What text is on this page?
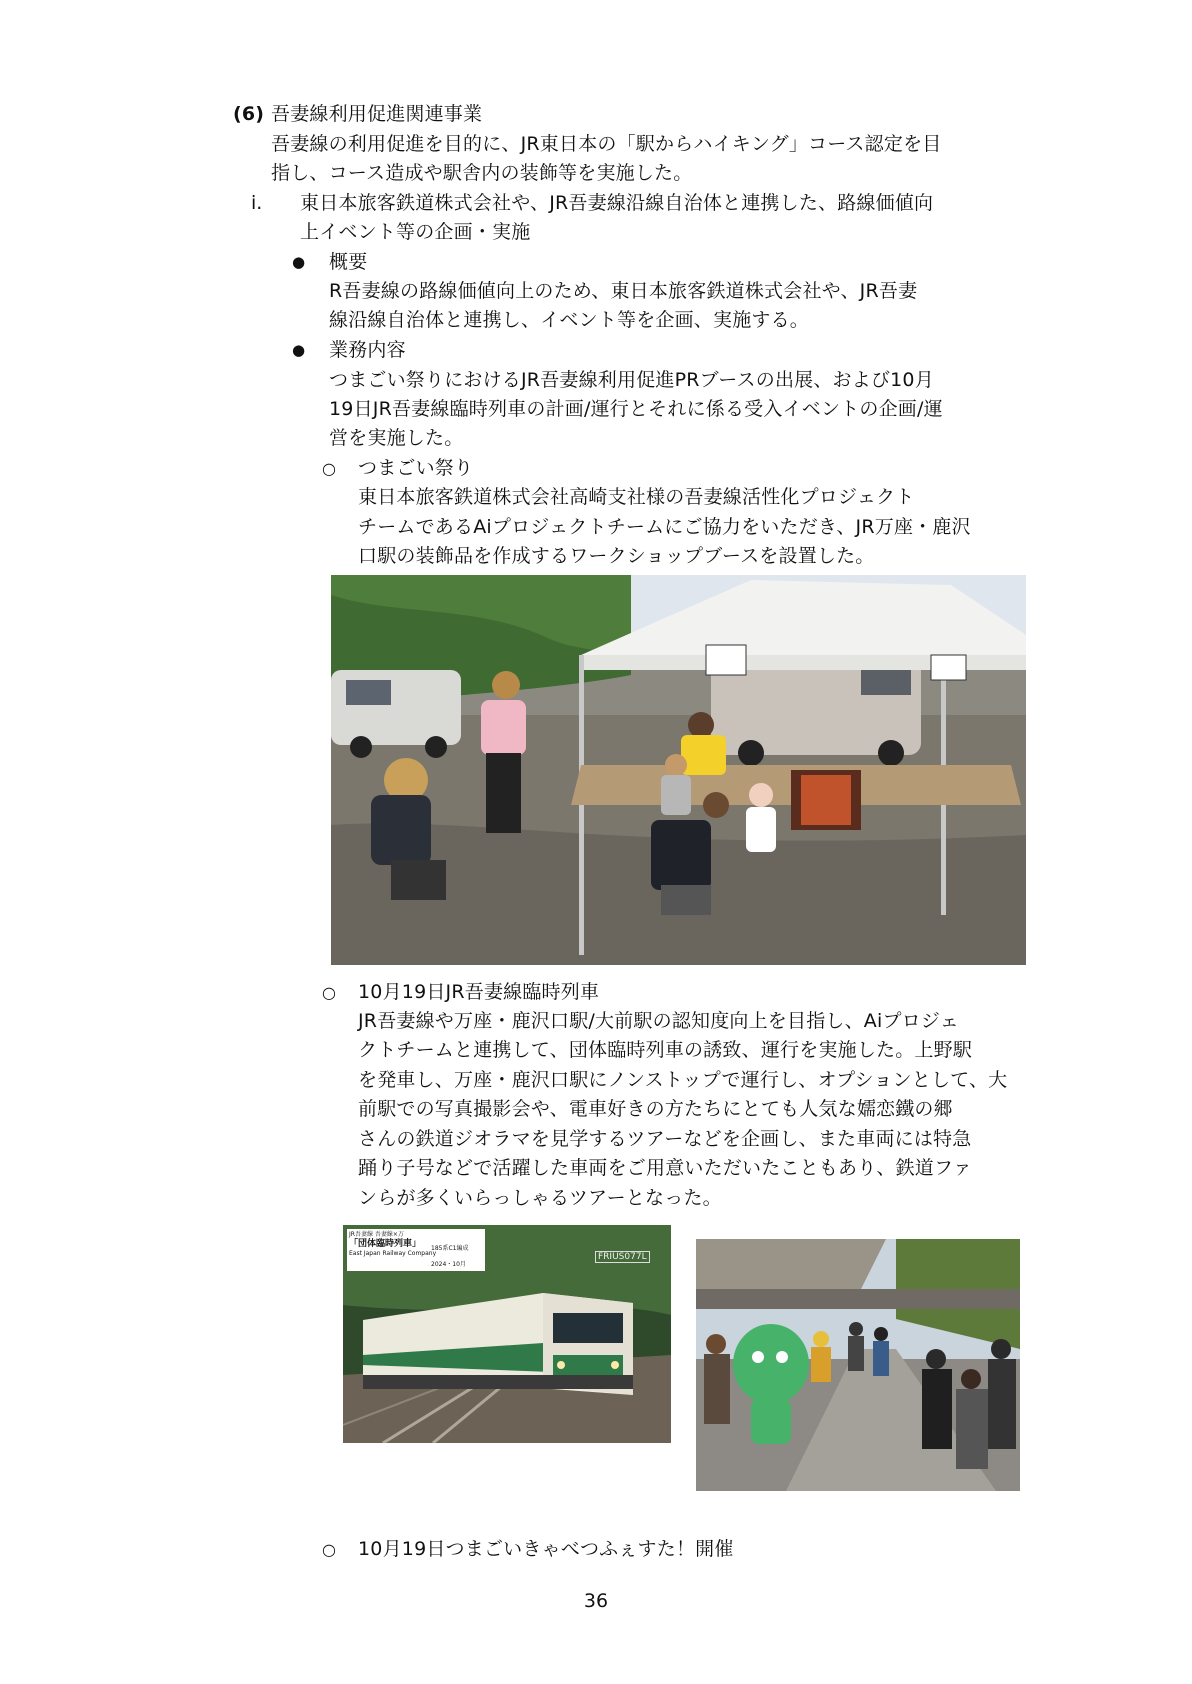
(6) 吾妻線利用促進関連事業
吾妻線の利用促進を目的に、JR東日本の「駅からハイキング」コース認定を目
指し、コース造成や駅舎内の装飾等を実施した。
i. 東日本旅客鉄道株式会社や、JR吾妻線沿線自治体と連携した、路線価値向
上イベント等の企画・実施
● 概要
R吾妻線の路線価値向上のため、東日本旅客鉄道株式会社や、JR吾妻
線沿線自治体と連携し、イベント等を企画、実施する。
● 業務内容
つまごい祭りにおけるJR吾妻線利用促進PRブースの出展、および10月
19日JR吾妻線臨時列車の計画/運行とそれに係る受入イベントの企画/運
営を実施した。
○ つまごい祭り
東日本旅客鉄道株式会社高崎支社様の吾妻線活性化プロジェクト
チームであるAiプロジェクトチームにご協力をいただき、JR万座・鹿沢
口駅の装飾品を作成するワークショップブースを設置した。
○ 10月19日JR吾妻線臨時列車
JR吾妻線や万座・鹿沢口駅/大前駅の認知度向上を目指し、Aiプロジェ
クトチームと連携して、団体臨時列車の誘致、運行を実施した。上野駅
を発車し、万座・鹿沢口駅にノンストップで運行し、オプションとして、大
前駅での写真撮影会や、電車好きの方たちにとても人気な嬬恋鐵の郷
さんの鉄道ジオラマを見学するツアーなどを企画し、また車両には特急
踊り子号などで活躍した車両をご用意いただいたこともあり、鉄道ファ
ンらが多くいらっしゃるツアーとなった。
JR吾妻線 吾妻線×万
「団体臨時列車」
East Japan Railway Company
185系C1編成
2024・10月
FRIUS077L
○ 10月19日つまごいきゃべつふぇすた！開催
36
